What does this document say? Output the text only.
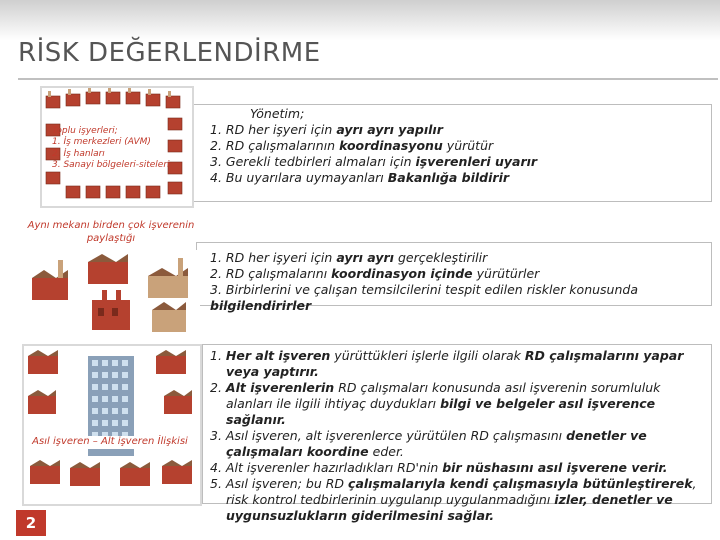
RİSK DEĞERLENDİRME
Toplu işyerleri;
1. İş merkezleri (AVM)
2. İş hanları
3. Sanayi bölgeleri-siteleri
Yönetim;
1. RD her işyeri için ayrı ayrı yapılır
2. RD çalışmalarının koordinasyonu yürütür
3. Gerekli tedbirleri almaları için işverenleri uyarır
4. Bu uyarılara uymayanları Bakanlığa bildirir
Aynı mekanı birden çok işverenin paylaştığı
1. RD her işyeri için ayrı ayrı gerçekleştirilir
2. RD çalışmalarını koordinasyon içinde yürütürler
3. Birbirlerini ve çalışan temsilcilerini tespit edilen riskler konusunda bilgilendirirler
Asıl işveren – Alt işveren İlişkisi
1. Her alt işveren yürüttükleri işlerle ilgili olarak RD çalışmalarını yapar veya yaptırır.
2. Alt işverenlerin RD çalışmaları konusunda asıl işverenin sorumluluk alanları ile ilgili ihtiyaç duydukları bilgi ve belgeler asıl işverence sağlanır.
3. Asıl işveren, alt işverenlerce yürütülen RD çalışmasını denetler ve çalışmaları koordine eder.
4. Alt işverenler hazırladıkları RD'nin bir nüshasını asıl işverene verir.
5. Asıl işveren; bu RD çalışmalarıyla kendi çalışmasıyla bütünleştirerek, risk kontrol tedbirlerinin uygulanıp uygulanmadığını izler, denetler ve uygunsuzlukların giderilmesini sağlar.
2
